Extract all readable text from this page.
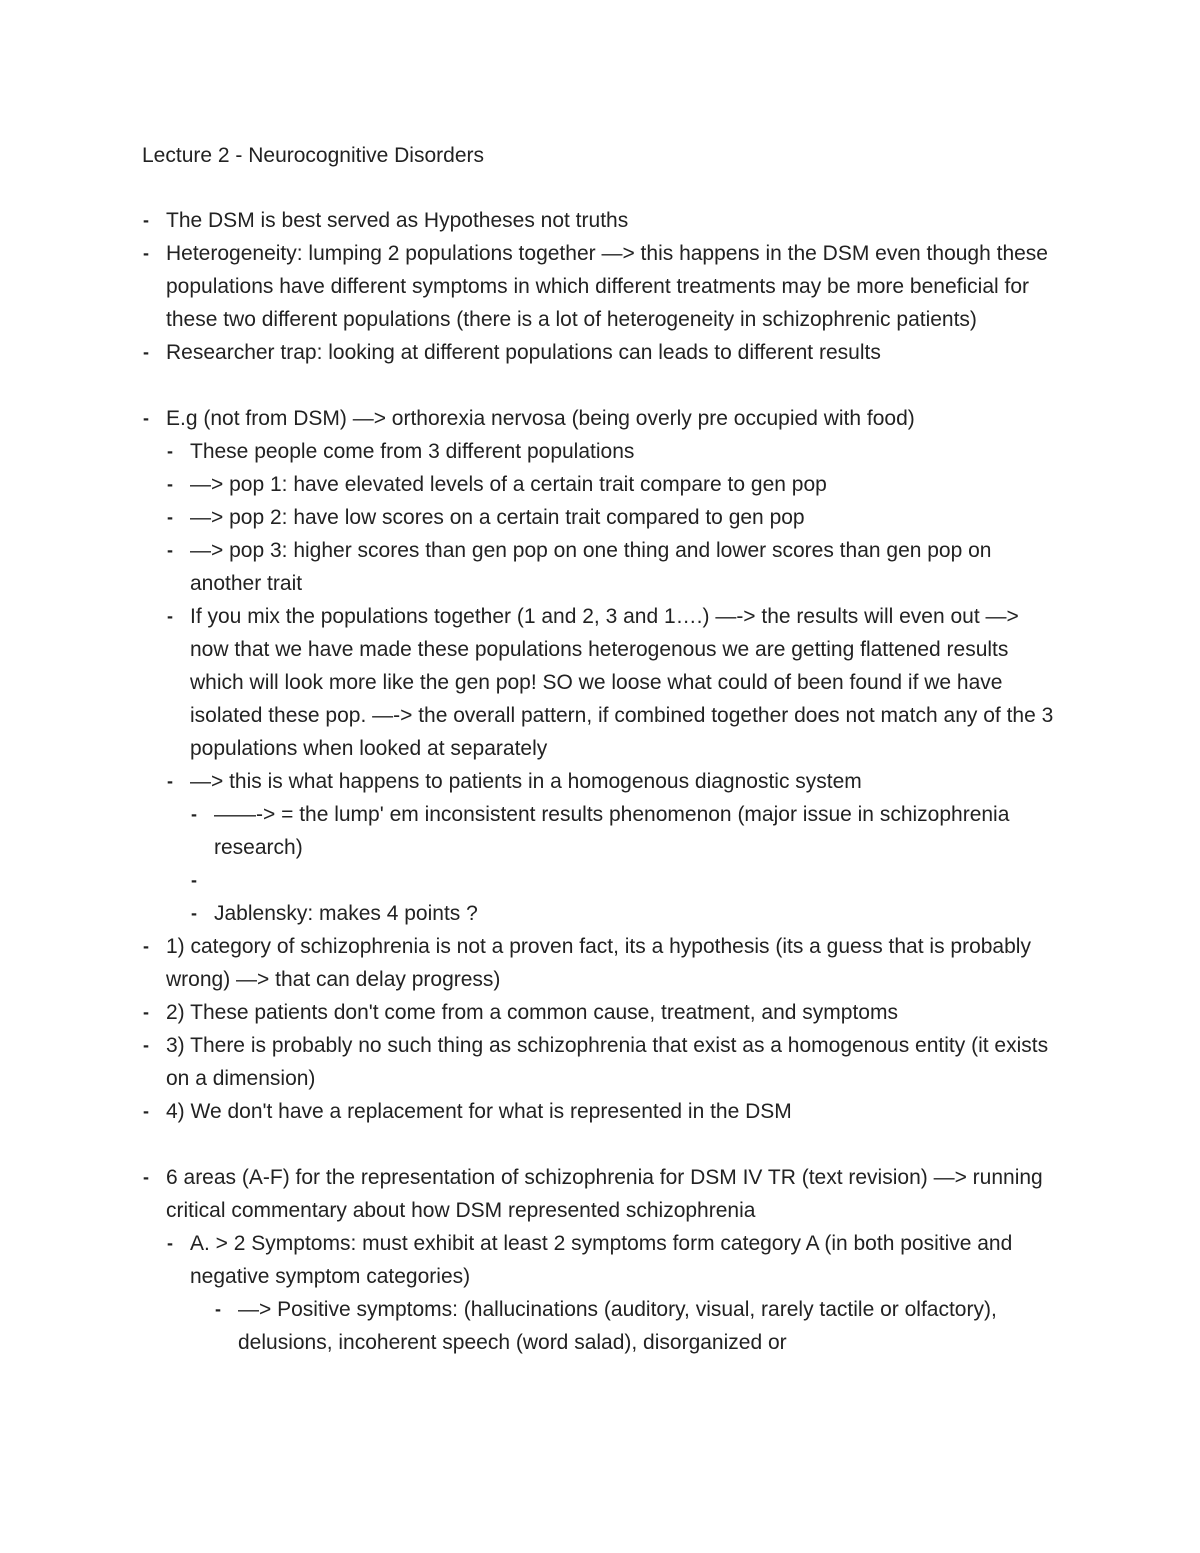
Lecture 2 - Neurocognitive Disorders
- The DSM is best served as Hypotheses not truths
- Heterogeneity: lumping 2 populations together —> this happens in the DSM even though these populations have different symptoms in which different treatments may be more beneficial for these two different populations (there is a lot of heterogeneity in schizophrenic patients)
- Researcher trap: looking at different populations can leads to different results
- E.g (not from DSM) —> orthorexia nervosa (being overly pre occupied with food)
- These people come from 3 different populations
- —> pop 1: have elevated levels of a certain trait compare to gen pop
- —> pop 2: have low scores on a certain trait compared to gen pop
- —> pop 3: higher scores than gen pop on one thing and lower scores than gen pop on another trait
- If you mix the populations together (1 and 2, 3 and 1….) —-> the results will even out —> now that we have made these populations heterogenous we are getting flattened results which will look more like the gen pop! SO we loose what could of been found if we have isolated these pop. —-> the overall pattern, if combined together does not match any of the 3 populations when looked at separately
- —> this is what happens to patients in a homogenous diagnostic system
- ——-> = the lump' em inconsistent results phenomenon (major issue in schizophrenia research)
-
- Jablensky: makes 4 points ?
- 1) category of schizophrenia is not a proven fact, its a hypothesis (its a guess that is probably wrong) —> that can delay progress)
- 2) These patients don't come from a common cause, treatment, and symptoms
- 3) There is probably no such thing as schizophrenia that exist as a homogenous entity (it exists on a dimension)
- 4) We don't have a replacement for what is represented in the DSM
- 6 areas (A-F) for the representation of schizophrenia for DSM IV TR (text revision) —> running critical commentary about how DSM represented schizophrenia
- A. > 2 Symptoms: must exhibit at least 2 symptoms form category A (in both positive and negative symptom categories)
- —> Positive symptoms: (hallucinations (auditory, visual, rarely tactile or olfactory), delusions, incoherent speech (word salad), disorganized or
